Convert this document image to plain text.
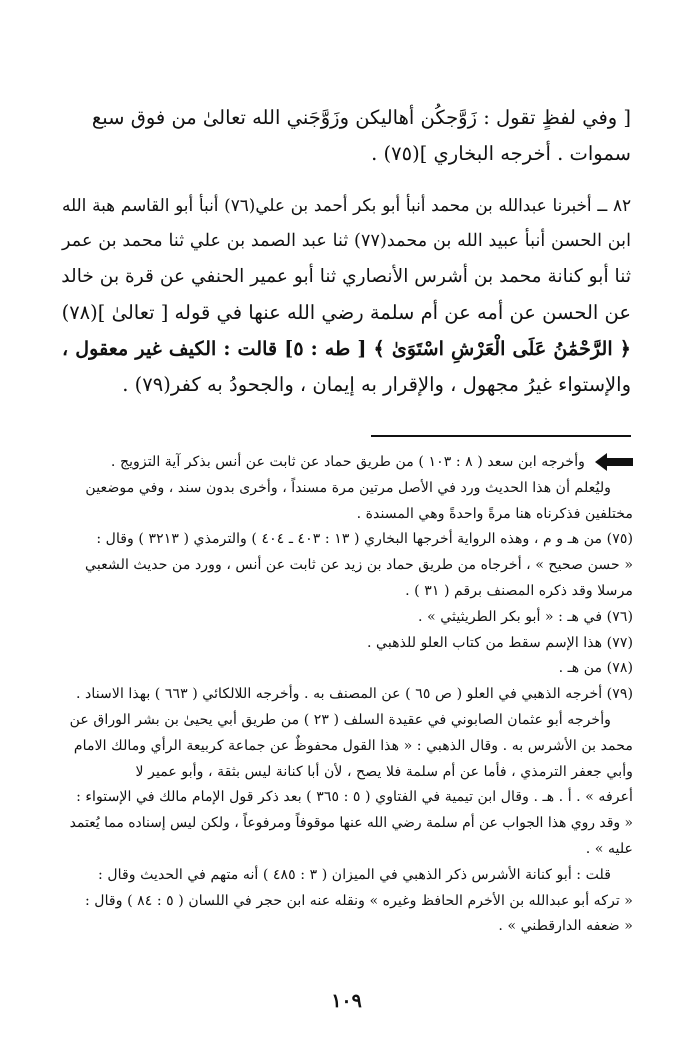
[ وفي لفظٍ تقول : زَوَّجكُن أهاليكن وزَوَّجَني الله تعالىٰ من فوق سبع
سموات . أخرجه البخاري ](٧٥) .
٨٢ ــ أخبرنا عبدالله بن محمد أنبأ أبو بكر أحمد بن علي(٧٦) أنبأ أبو القاسم هبة الله
ابن الحسن أنبأ عبيد الله بن محمد(٧٧) ثنا عبد الصمد بن علي ثنا محمد بن عمر
ثنا أبو كنانة محمد بن أشرس الأنصاري ثنا أبو عمير الحنفي عن قرة بن خالد
عن الحسن عن أمه عن أم سلمة رضي الله عنها في قوله [ تعالىٰ ](٧٨)
﴿ الرَّحْمَٰنُ عَلَى الْعَرْشِ اسْتَوَىٰ ﴾ [ طه : ٥] قالت : الكيف غير معقول ،
والإستواء غيرُ مجهول ، والإقرار به إيمان ، والجحودُ به كفر(٧٩) .
وأخرجه ابن سعد ( ٨ : ١٠٣ ) من طريق حماد عن ثابت عن أنس بذكر آية التزويج .
وليُعلم أن هذا الحديث ورد في الأصل مرتين مرة مسنداً ، وأخرى بدون سند ، وفي موضعين
مختلفين فذكرناه هنا مرةً واحدةً وهي المسندة .
(٧٥) من هـ و م ، وهذه الرواية أخرجها البخاري ( ١٣ : ٤٠٣ ـ ٤٠٤ ) والترمذي ( ٣٢١٣ ) وقال :
« حسن صحيح » ، أخرجاه من طريق حماد بن زيد عن ثابت عن أنس ، وورد من حديث الشعبي
مرسلا وقد ذكره المصنف برقم ( ٣١ ) .
(٧٦) في هـ : « أبو بكر الطريثيثي » .
(٧٧) هذا الإسم سقط من كتاب العلو للذهبي .
(٧٨) من هـ .
(٧٩) أخرجه الذهبي في العلو ( ص ٦٥ ) عن المصنف به . وأخرجه اللالكائي ( ٦٦٣ ) بهذا الاسناد .
وأخرجه أبو عثمان الصابوني في عقيدة السلف ( ٢٣ ) من طريق أبي يحيىٰ بن بشر الوراق عن
محمد بن الأشرس به . وقال الذهبي : « هذا القول محفوظٌ عن جماعة كربيعة الرأي ومالك الامام
وأبي جعفر الترمذي ، فأما عن أم سلمة فلا يصح ، لأن أبا كنانة ليس بثقة ، وأبو عمير لا
أعرفه » . أ . هـ . وقال ابن تيمية في الفتاوي ( ٥ : ٣٦٥ ) بعد ذكر قول الإمام مالك في الإستواء :
« وقد روي هذا الجواب عن أم سلمة رضي الله عنها موقوفاً ومرفوعاً ، ولكن ليس إسناده مما يُعتمد
عليه » .
قلت : أبو كنانة الأشرس ذكر الذهبي في الميزان ( ٣ : ٤٨٥ ) أنه متهم في الحديث وقال :
« تركه أبو عبدالله بن الأخرم الحافظ وغيره » ونقله عنه ابن حجر في اللسان ( ٥ : ٨٤ ) وقال :
« ضعفه الدارقطني » .
١٠٩
